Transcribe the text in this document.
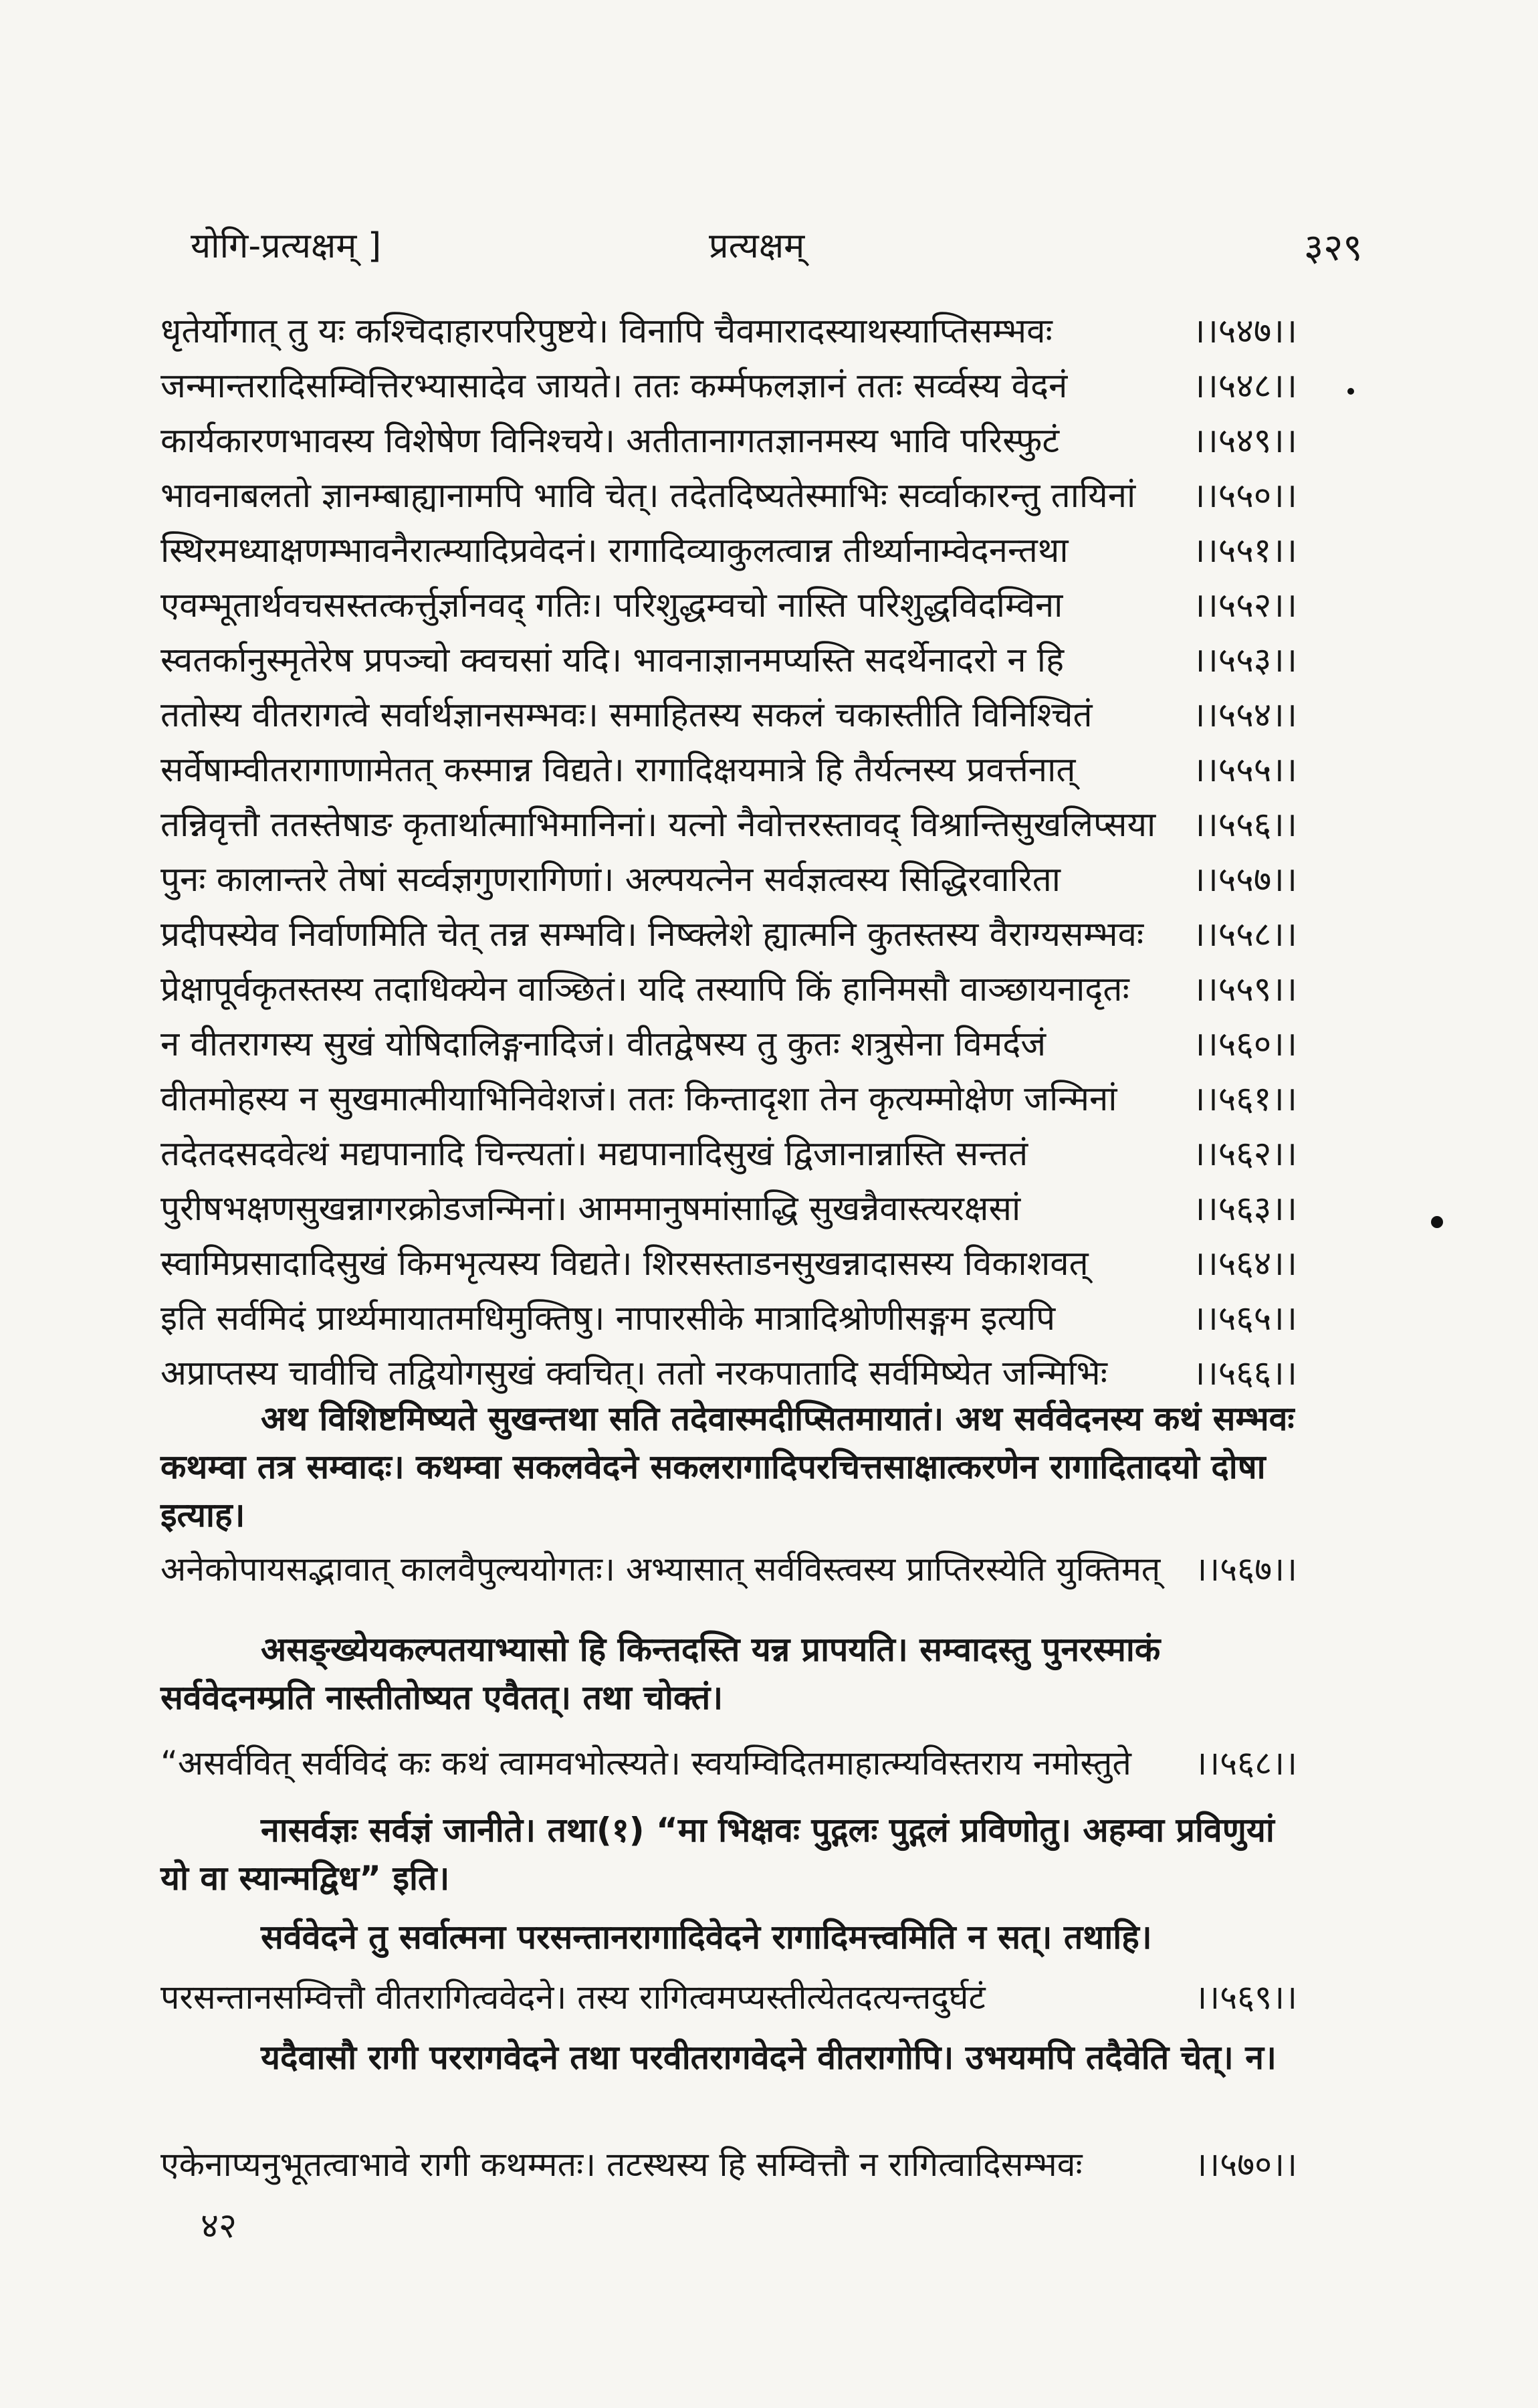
योगि-प्रत्यक्षम् ]	प्रत्यक्षम्	३२९
धृतेर्योगात् तु यः कश्चिदाहारपरिपुष्टये। विनापि चैवमारादस्याथस्याप्तिसम्भवः	।।५४७।।
जन्मान्तरादिसम्वित्तिरभ्यासादेव जायते। ततः कर्म्मफलज्ञानं ततः सर्व्वस्य वेदनं	।।५४८।।
कार्यकारणभावस्य विशेषेण विनिश्चये। अतीतानागतज्ञानमस्य भावि परिस्फुटं	।।५४९।।
भावनाबलतो ज्ञानम्बाह्यानामपि भावि चेत्। तदेतदिष्यतेस्माभिः सर्व्वाकारन्तु तायिनां	।।५५०।।
स्थिरमध्याक्षणम्भावनैरात्म्यादिप्रवेदनं। रागादिव्याकुलत्वान्न तीर्थ्यानाम्वेदनन्तथा	।।५५१।।
एवम्भूतार्थवचसस्तत्कर्त्तुर्ज्ञानवद् गतिः। परिशुद्धम्वचो नास्ति परिशुद्धविदम्विना	।।५५२।।
स्वतर्कानुस्मृतेरेष प्रपञ्चो क्वचसां यदि। भावनाज्ञानमप्यस्ति सदर्थेनादरो न हि	।।५५३।।
ततोस्य वीतरागत्वे सर्वार्थज्ञानसम्भवः। समाहितस्य सकलं चकास्तीति विनिश्चितं	।।५५४।।
सर्वेषाम्वीतरागाणामेतत् कस्मान्न विद्यते। रागादिक्षयमात्रे हि तैर्यत्नस्य प्रवर्त्तनात्	।।५५५।।
तन्निवृत्तौ ततस्तेषाङ कृतार्थात्माभिमानिनां। यत्नो नैवोत्तरस्तावद् विश्रान्तिसुखलिप्सया	।।५५६।।
पुनः कालान्तरे तेषां सर्व्वज्ञगुणरागिणां। अल्पयत्नेन सर्वज्ञत्वस्य सिद्धिरवारिता	।।५५७।।
प्रदीपस्येव निर्वाणमिति चेत् तन्न सम्भवि। निष्क्लेशे ह्यात्मनि कुतस्तस्य वैराग्यसम्भवः	।।५५८।।
प्रेक्षापूर्वकृतस्तस्य तदाधिक्येन वाञ्छितं। यदि तस्यापि किं हानिमसौ वाञ्छायनादृतः	।।५५९।।
न वीतरागस्य सुखं योषिदालिङ्गनादिजं। वीतद्वेषस्य तु कुतः शत्रुसेना विमर्दजं	।।५६०।।
वीतमोहस्य न सुखमात्मीयाभिनिवेशजं। ततः किन्तादृशा तेन कृत्यम्मोक्षेण जन्मिनां	।।५६१।।
तदेतदसदवेत्थं मद्यपानादि चिन्त्यतां। मद्यपानादिसुखं द्विजानान्नास्ति सन्ततं	।।५६२।।
पुरीषभक्षणसुखन्नागरक्रोडजन्मिनां। आममानुषमांसाद्धि सुखन्नैवास्त्यरक्षसां	।।५६३।।
स्वामिप्रसादादिसुखं किमभृत्यस्य विद्यते। शिरसस्ताडनसुखन्नादासस्य विकाशवत्	।।५६४।।
इति सर्वमिदं प्रार्थ्यमायातमधिमुक्तिषु। नापारसीके मात्रादिश्रोणीसङ्गम इत्यपि	।।५६५।।
अप्राप्तस्य चावीचि तद्वियोगसुखं क्वचित्। ततो नरकपातादि सर्वमिष्येत जन्मिभिः	।।५६६।।

अथ विशिष्टमिष्यते सुखन्तथा सति तदेवास्मदीप्सितमायातं। अथ सर्ववेदनस्य कथं सम्भवः कथम्वा तत्र सम्वादः। कथम्वा सकलवेदने सकलरागादिपरचित्तसाक्षात्करणेन रागादितादयो दोषा इत्याह।

अनेकोपायसद्भावात् कालवैपुल्ययोगतः। अभ्यासात् सर्वविस्त्वस्य प्राप्तिरस्येति युक्तिमत्	।।५६७।।

असङ्ख्येयकल्पतयाभ्यासो हि किन्तदस्ति यन्न प्रापयति। सम्वादस्तु पुनरस्माकं सर्ववेदनम्प्रति नास्तीतोष्यत एवैतत्। तथा चोक्तं।

“असर्ववित् सर्वविदं कः कथं त्वामवभोत्स्यते। स्वयम्विदितमाहात्म्यविस्तराय नमोस्तुते	।।५६८।।

नासर्वज्ञः सर्वज्ञं जानीते। तथा(१) “मा भिक्षवः पुद्गलः पुद्गलं प्रविणोतु। अहम्वा प्रविणुयां यो वा स्यान्मद्विध” इति।

सर्ववेदने तु सर्वात्मना परसन्तानरागादिवेदने रागादिमत्त्वमिति न सत्। तथाहि।

परसन्तानसम्वित्तौ वीतरागित्ववेदने। तस्य रागित्वमप्यस्तीत्येतदत्यन्तदुर्घटं	।।५६९।।

यदैवासौ रागी पररागवेदने तथा परवीतरागवेदने वीतरागोपि। उभयमपि तदैवेति चेत्। न।

एकेनाप्यनुभूतत्वाभावे रागी कथम्मतः। तटस्थस्य हि सम्वित्तौ न रागित्वादिसम्भवः	।।५७०।।
४२
